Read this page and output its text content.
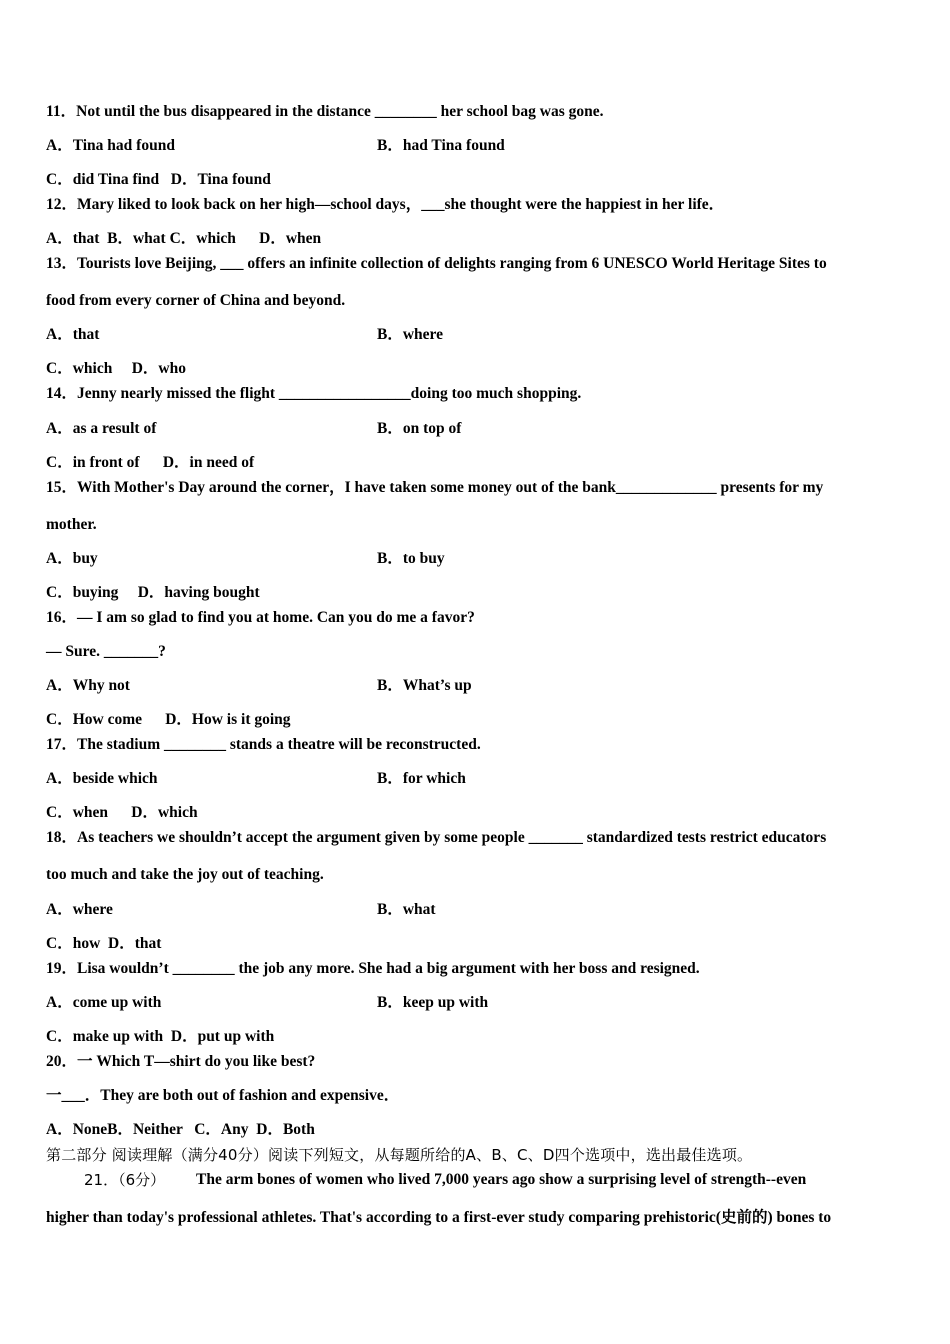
11．Not until the bus disappeared in the distance ________ her school bag was gone.
A．Tina had found	B．had Tina found
C．did Tina find   D．Tina found
12．Mary liked to look back on her high—school days，___she thought were the happiest in her life．
A．that  B．what C．which      D．when
13．Tourists love Beijing, ___ offers an infinite collection of delights ranging from 6 UNESCO World Heritage Sites to
food from every corner of China and beyond.
A．that	B．where
C．which     D．who
14．Jenny nearly missed the flight _________________doing too much shopping.
A．as a result of	B．on top of
C．in front of      D．in need of
15．With Mother's Day around the corner，I have taken some money out of the bank_____________ presents for my
mother.
A．buy	B．to buy
C．buying     D．having bought
16．— I am so glad to find you at home. Can you do me a favor?
— Sure. _______?
A．Why not	B．What’s up
C．How come      D．How is it going
17．The stadium ________ stands a theatre will be reconstructed.
A．beside which	B．for which
C．when      D．which
18．As teachers we shouldn’t accept the argument given by some people _______ standardized tests restrict educators
too much and take the joy out of teaching.
A．where	B．what
C．how  D．that
19．Lisa wouldn’t ________ the job any more. She had a big argument with her boss and resigned.
A．come up with	B．keep up with
C．make up with  D．put up with
20．一 Which T—shirt do you like best?
一___．They are both out of fashion and expensive．
A．NoneB．Neither   C．Any  D．Both
第二部分 阅读理解（满分40分）阅读下列短文，从每题所给的A、B、C、D四个选项中，选出最佳选项。
21．（6分） The arm bones of women who lived 7,000 years ago show a surprising level of strength--even
higher than today's professional athletes. That's according to a first-ever study comparing prehistoric(史前的) bones to
